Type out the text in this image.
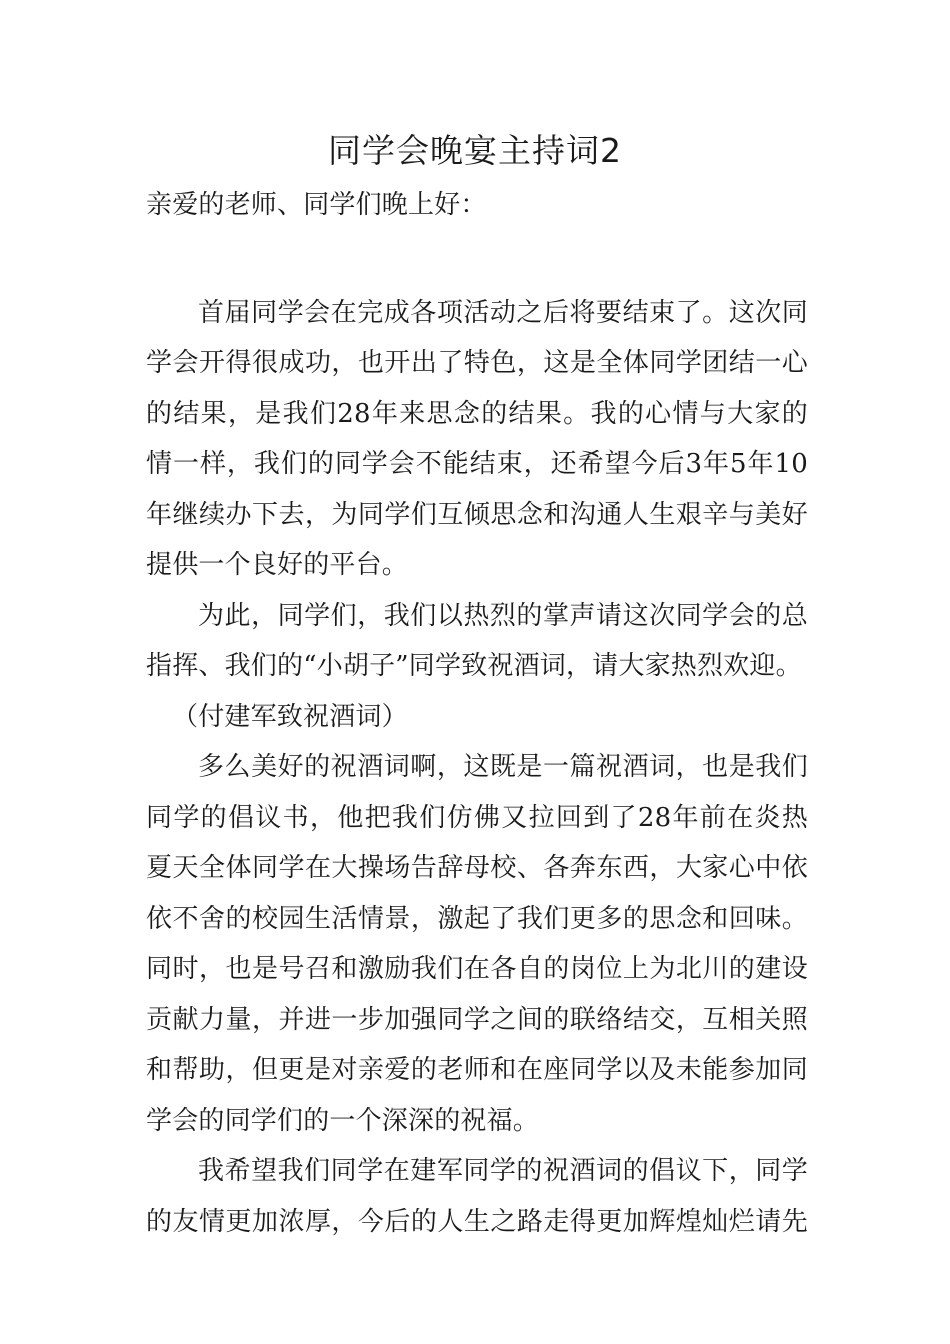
同学会晚宴主持词2
亲爱的老师、同学们晚上好：
首届同学会在完成各项活动之后将要结束了。这次同
学会开得很成功，也开出了特色，这是全体同学团结一心
的结果，是我们28年来思念的结果。我的心情与大家的
情一样，我们的同学会不能结束，还希望今后3年5年10
年继续办下去，为同学们互倾思念和沟通人生艰辛与美好
提供一个良好的平台。
为此，同学们，我们以热烈的掌声请这次同学会的总
指挥、我们的“小胡子”同学致祝酒词，请大家热烈欢迎。
（付建军致祝酒词）
多么美好的祝酒词啊，这既是一篇祝酒词，也是我们
同学的倡议书，他把我们仿佛又拉回到了28年前在炎热
夏天全体同学在大操场告辞母校、各奔东西，大家心中依
依不舍的校园生活情景，激起了我们更多的思念和回味。
同时，也是号召和激励我们在各自的岗位上为北川的建设
贡献力量，并进一步加强同学之间的联络结交，互相关照
和帮助，但更是对亲爱的老师和在座同学以及未能参加同
学会的同学们的一个深深的祝福。
我希望我们同学在建军同学的祝酒词的倡议下，同学
的友情更加浓厚，今后的人生之路走得更加辉煌灿烂请先
